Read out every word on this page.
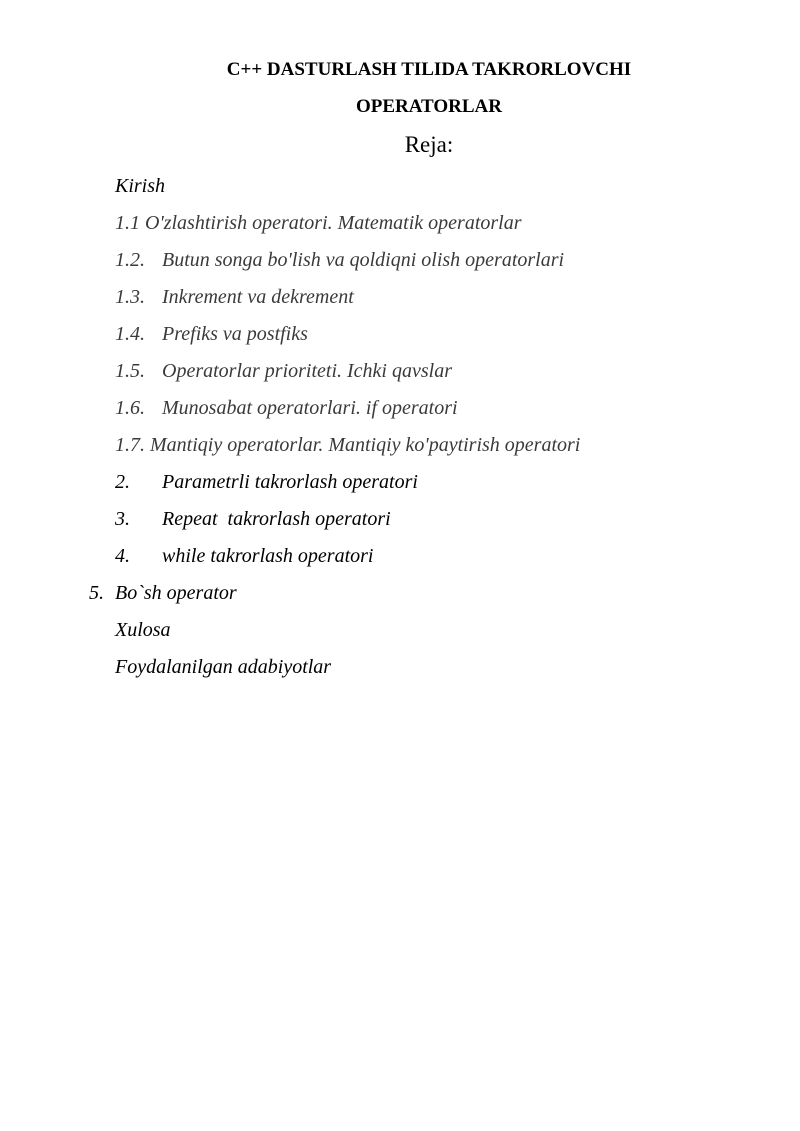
C++ DASTURLASH TILIDA TAKRORLOVCHI
OPERATORLAR
Reja:
Kirish
1.1 O'zlashtirish operatori. Matematik operatorlar
1.2. Butun songa bo'lish va qoldiqni olish operatorlari
1.3. Inkrement va dekrement
1.4. Prefiks va postfiks
1.5. Operatorlar prioriteti. Ichki qavslar
1.6. Munosabat operatorlari. if operatori
1.7. Mantiqiy operatorlar. Mantiqiy ko'paytirish operatori
2. Parametrli takrorlash operatori
3. Repeat  takrorlash operatori
4. while takrorlash operatori
5. Bo`sh operator
Xulosa
Foydalanilgan adabiyotlar
